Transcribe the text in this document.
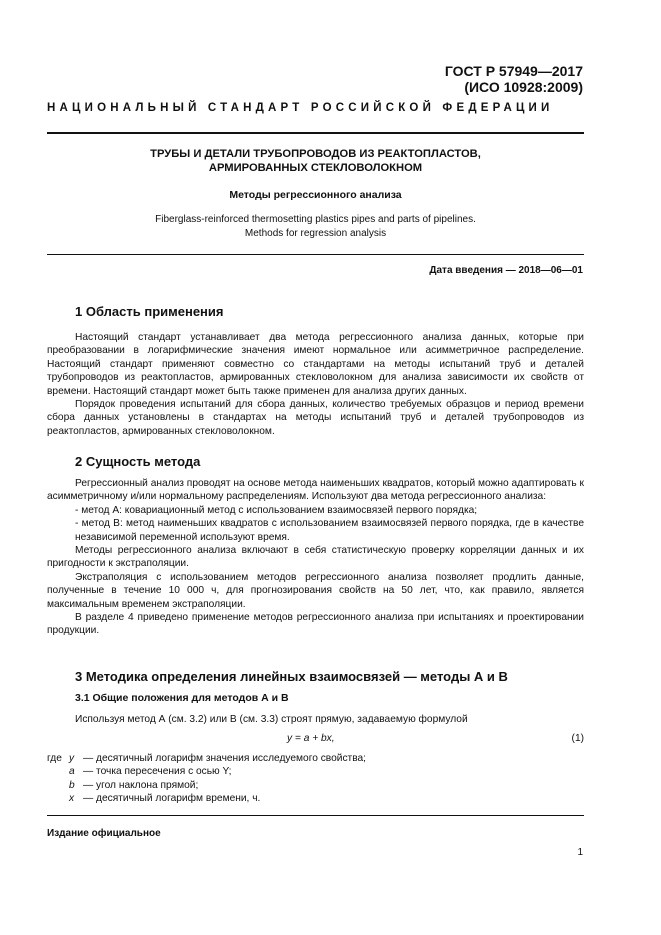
ГОСТ Р 57949—2017
(ИСО 10928:2009)
НАЦИОНАЛЬНЫЙ СТАНДАРТ РОССИЙСКОЙ ФЕДЕРАЦИИ
ТРУБЫ И ДЕТАЛИ ТРУБОПРОВОДОВ ИЗ РЕАКТОПЛАСТОВ,
АРМИРОВАННЫХ СТЕКЛОВОЛОКНОМ
Методы регрессионного анализа
Fiberglass-reinforced thermosetting plastics pipes and parts of pipelines.
Methods for regression analysis
Дата введения — 2018—06—01
1 Область применения

Настоящий стандарт устанавливает два метода регрессионного анализа данных, которые при преобразовании в логарифмические значения имеют нормальное или асимметричное распределение. Настоящий стандарт применяют совместно со стандартами на методы испытаний труб и деталей трубопроводов из реактопластов, армированных стекловолокном для анализа зависимости их свойств от времени. Настоящий стандарт может быть также применен для анализа других данных.

Порядок проведения испытаний для сбора данных, количество требуемых образцов и период времени сбора данных установлены в стандартах на методы испытаний труб и деталей трубопроводов из реактопластов, армированных стекловолокном.

2 Сущность метода

Регрессионный анализ проводят на основе метода наименьших квадратов, который можно адаптировать к асимметричному и/или нормальному распределениям. Используют два метода регрессионного анализа:

- метод А: ковариационный метод с использованием взаимосвязей первого порядка;

- метод В: метод наименьших квадратов с использованием взаимосвязей первого порядка, где в качестве независимой переменной используют время.

Методы регрессионного анализа включают в себя статистическую проверку корреляции данных и их пригодности к экстраполяции.

Экстраполяция с использованием методов регрессионного анализа позволяет продлить данные, полученные в течение 10 000 ч, для прогнозирования свойств на 50 лет, что, как правило, является максимальным временем экстраполяции.

В разделе 4 приведено применение методов регрессионного анализа при испытаниях и проектировании продукции.

3 Методика определения линейных взаимосвязей — методы А и В
3.1 Общие положения для методов А и В

Используя метод А (см. 3.2) или В (см. 3.3) строят прямую, задаваемую формулой

y = a + bx,	(1)
где y — десятичный логарифм значения исследуемого свойства;
a — точка пересечения с осью Y;
b — угол наклона прямой;
x — десятичный логарифм времени, ч.
Издание официальное
1
